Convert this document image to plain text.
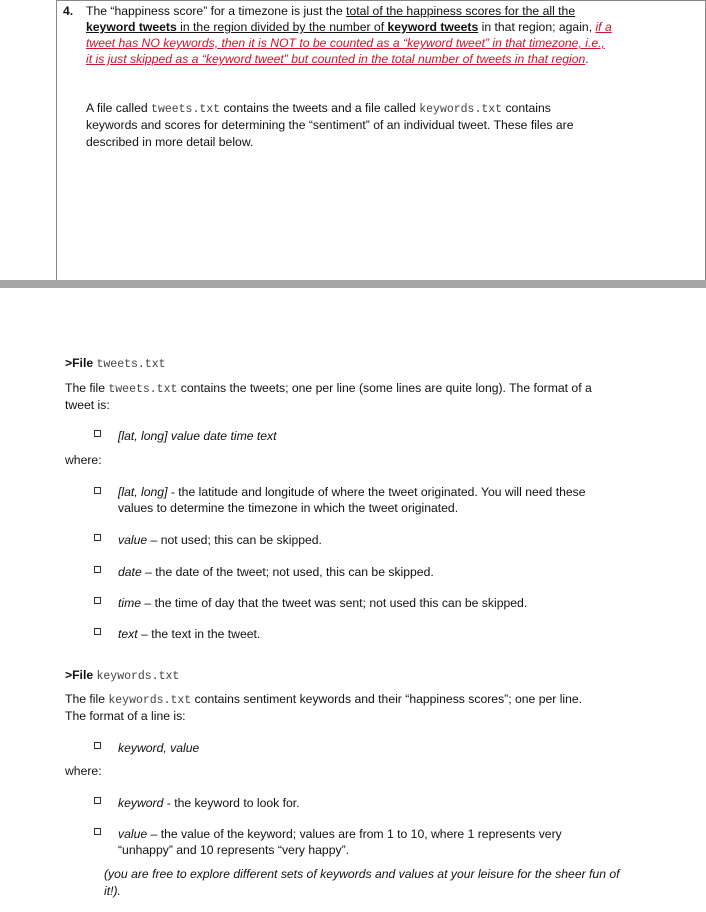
4. The “happiness score” for a timezone is just the total of the happiness scores for the all the
keyword tweets in the region divided by the number of keyword tweets in that region; again, if a
tweet has NO keywords, then it is NOT to be counted as a “keyword tweet” in that timezone, i.e.,
it is just skipped as a “keyword tweet” but counted in the total number of tweets in that region.
A file called tweets.txt contains the tweets and a file called keywords.txt contains
keywords and scores for determining the “sentiment” of an individual tweet. These files are
described in more detail below.
>File tweets.txt
The file tweets.txt contains the tweets; one per line (some lines are quite long). The format of a
tweet is:
[lat, long] value date time text
where:
[lat, long] - the latitude and longitude of where the tweet originated. You will need these
values to determine the timezone in which the tweet originated.
value – not used; this can be skipped.
date – the date of the tweet; not used, this can be skipped.
time – the time of day that the tweet was sent; not used this can be skipped.
text – the text in the tweet.
>File keywords.txt
The file keywords.txt contains sentiment keywords and their “happiness scores”; one per line.
The format of a line is:
keyword, value
where:
keyword - the keyword to look for.
value – the value of the keyword; values are from 1 to 10, where 1 represents very
“unhappy” and 10 represents “very happy”.
(you are free to explore different sets of keywords and values at your leisure for the sheer fun of
it!).
